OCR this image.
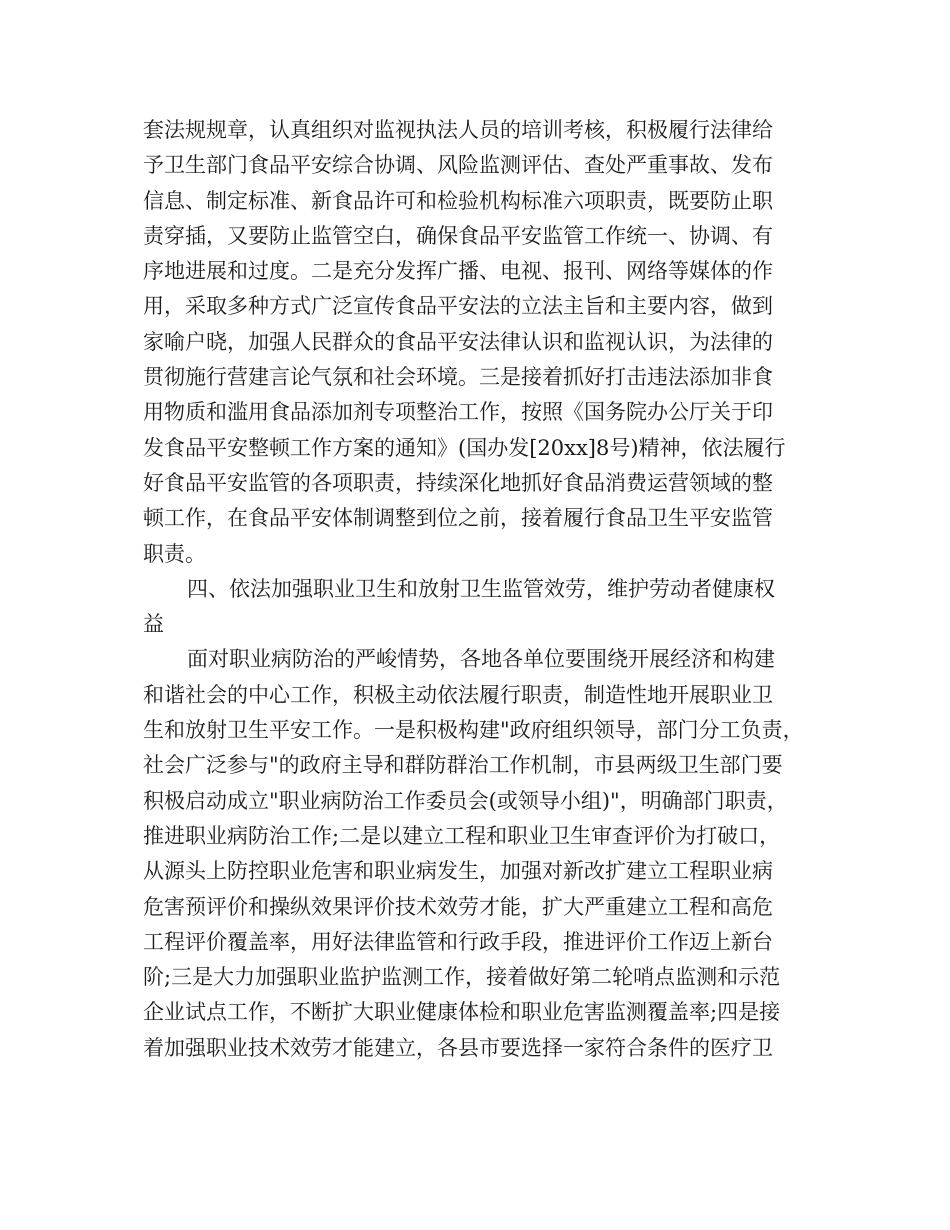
套法规规章，认真组织对监视执法人员的培训考核，积极履行法律给
予卫生部门食品平安综合协调、风险监测评估、查处严重事故、发布
信息、制定标准、新食品许可和检验机构标准六项职责，既要防止职
责穿插，又要防止监管空白，确保食品平安监管工作统一、协调、有
序地进展和过度。二是充分发挥广播、电视、报刊、网络等媒体的作
用，采取多种方式广泛宣传食品平安法的立法主旨和主要内容，做到
家喻户晓，加强人民群众的食品平安法律认识和监视认识，为法律的
贯彻施行营建言论气氛和社会环境。三是接着抓好打击违法添加非食
用物质和滥用食品添加剂专项整治工作，按照《国务院办公厅关于印
发食品平安整顿工作方案的通知》(国办发[20xx]8号)精神，依法履行
好食品平安监管的各项职责，持续深化地抓好食品消费运营领域的整
顿工作，在食品平安体制调整到位之前，接着履行食品卫生平安监管
职责。
四、依法加强职业卫生和放射卫生监管效劳，维护劳动者健康权
益
面对职业病防治的严峻情势，各地各单位要围绕开展经济和构建
和谐社会的中心工作，积极主动依法履行职责，制造性地开展职业卫
生和放射卫生平安工作。一是积极构建"政府组织领导，部门分工负责，
社会广泛参与"的政府主导和群防群治工作机制，市县两级卫生部门要
积极启动成立"职业病防治工作委员会(或领导小组)"，明确部门职责，
推进职业病防治工作;二是以建立工程和职业卫生审查评价为打破口，
从源头上防控职业危害和职业病发生，加强对新改扩建立工程职业病
危害预评价和操纵效果评价技术效劳才能，扩大严重建立工程和高危
工程评价覆盖率，用好法律监管和行政手段，推进评价工作迈上新台
阶;三是大力加强职业监护监测工作，接着做好第二轮哨点监测和示范
企业试点工作，不断扩大职业健康体检和职业危害监测覆盖率;四是接
着加强职业技术效劳才能建立，各县市要选择一家符合条件的医疗卫
